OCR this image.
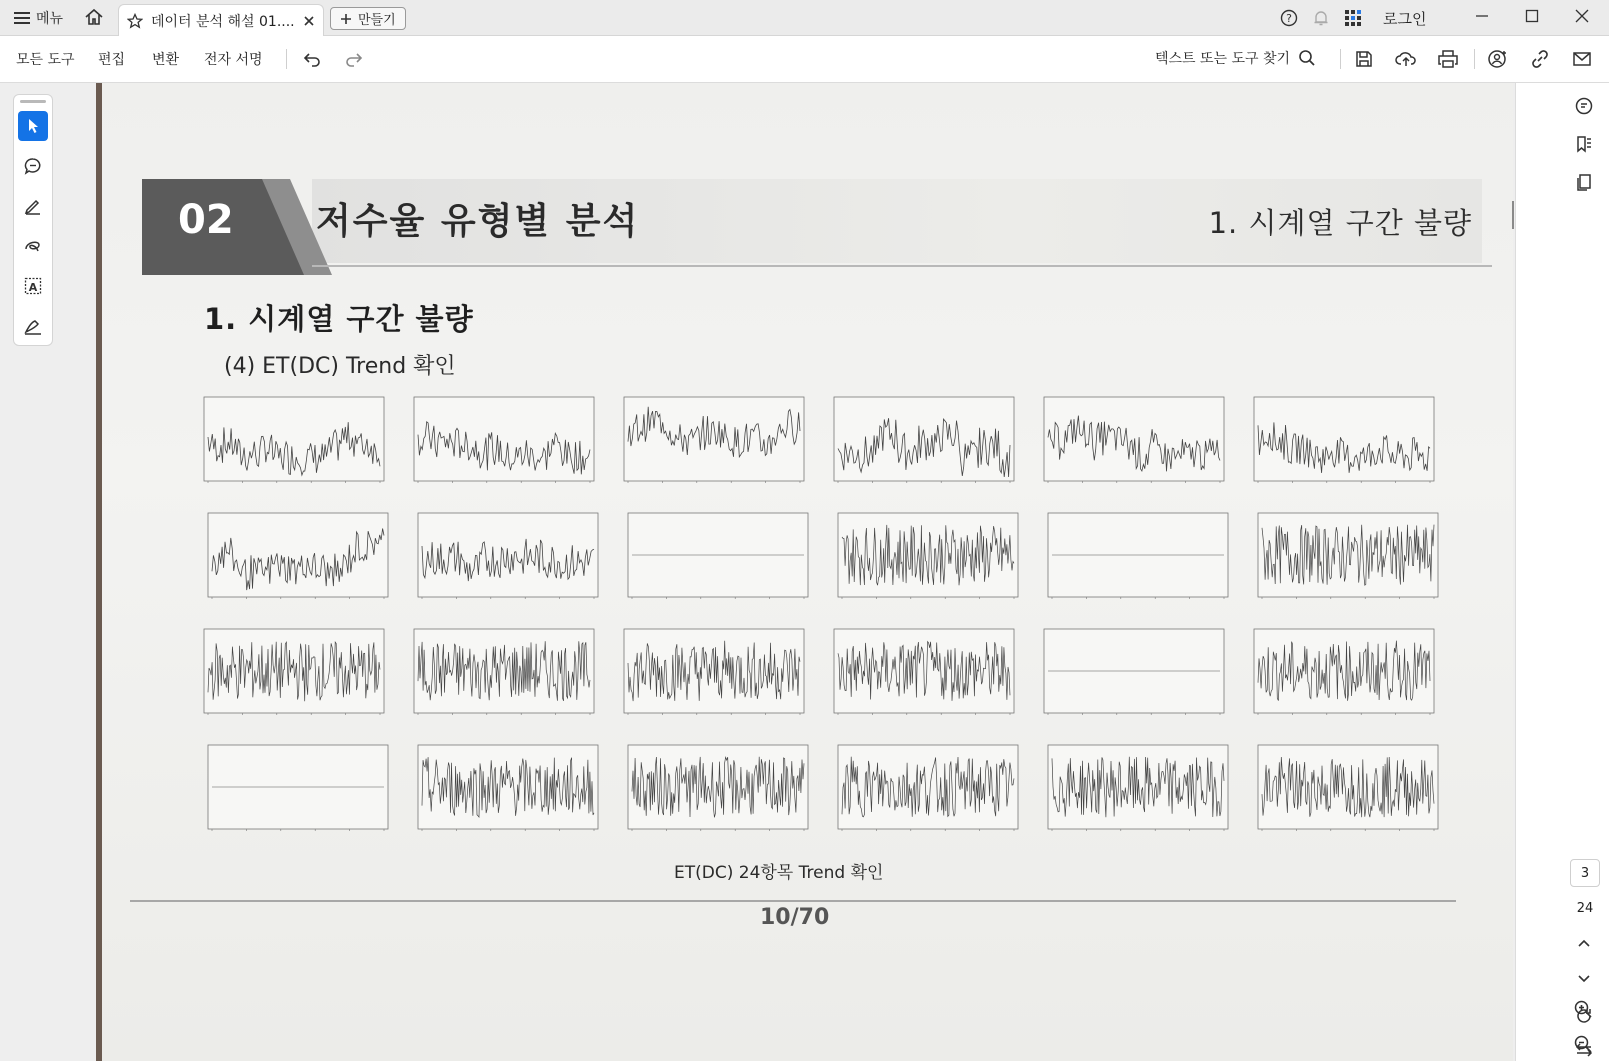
메뉴	데이터 분석 해설 01....	만들기	?	로그인
모든 도구 편집 변환 전자 서명	텍스트 또는 도구 찾기
A
02 저수율 유형별 분석	1. 시계열 구간 불량
1. 시계열 구간 불량
(4) ET(DC) Trend 확인
ET(DC) 24항목 Trend 확인
10/70
3
24
